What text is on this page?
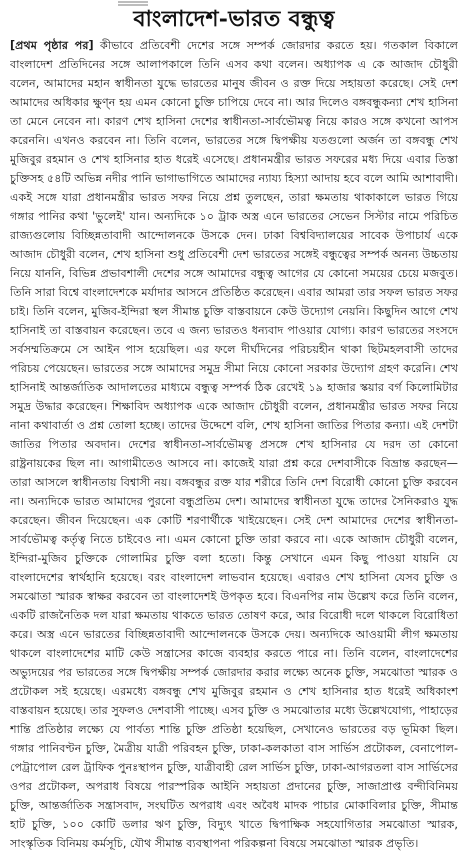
বাংলাদেশ-ভারত বন্ধুত্ব

[প্রথম পৃষ্ঠার পর] কীভাবে প্রতিবেশী দেশের সঙ্গে সম্পর্ক জোরদার করতে হয়। গতকাল বিকালে বাংলাদেশ প্রতিদিনের সঙ্গে আলাপকালে তিনি এসব কথা বলেন। অধ্যাপক এ কে আজাদ চৌধুরী বলেন, আমাদের মহান স্বাধীনতা যুদ্ধে ভারতের মানুষ জীবন ও রক্ত দিয়ে সহায়তা করেছে। সেই দেশ আমাদের অধিকার ক্ষুণ্ন হয় এমন কোনো চুক্তি চাপিয়ে দেবে না। আর দিলেও বঙ্গবন্ধুকন্যা শেখ হাসিনা তা মেনে নেবেন না। কারণ শেখ হাসিনা দেশের স্বাধীনতা-সার্বভৌমত্ব নিয়ে কারও সঙ্গে কখনো আপস করেননি। এখনও করবেন না। তিনি বলেন, ভারতের সঙ্গে দ্বিপক্ষীয় যতগুলো অর্জন তা বঙ্গবন্ধু শেখ মুজিবুর রহমান ও শেখ হাসিনার হাত ধরেই এসেছে। প্রধানমন্ত্রীর ভারত সফরের মধ্য দিয়ে এবার তিস্তা চুক্তিসহ ৫৪টি অভিন্ন নদীর পানি ভাগাভাগিতে আমাদের ন্যায্য হিস্যা আদায় হবে বলে আমি আশাবাদী। একই সঙ্গে যারা প্রধানমন্ত্রীর ভারত সফর নিয়ে প্রশ্ন তুলছেন, তারা ক্ষমতায় থাকাকালে ভারত গিয়ে গঙ্গার পানির কথা 'ভুলেই' যান। অন্যদিকে ১০ ট্রাক অস্ত্র এনে ভারতের সেভেন সিস্টার নামে পরিচিত রাজ্যগুলোয় বিচ্ছিন্নতাবাদী আন্দোলনকে উসকে দেন। ঢাকা বিশ্ববিদ্যালয়ের সাবেক উপাচার্য একে আজাদ চৌধুরী বলেন, শেখ হাসিনা শুধু প্রতিবেশী দেশ ভারতের সঙ্গেই বন্ধুত্বের সম্পর্ক অনন্য উচ্চতায় নিয়ে যাননি, বিভিন্ন প্রভাবশালী দেশের সঙ্গে আমাদের বন্ধুত্ব আগের যে কোনো সময়ের চেয়ে মজবুত। তিনি সারা বিশ্বে বাংলাদেশকে মর্যাদার আসনে প্রতিষ্ঠিত করেছেন। এবার আমরা তার সফল ভারত সফর চাই। তিনি বলেন, মুজিব-ইন্দিরা স্থল সীমান্ত চুক্তি বাস্তবায়নে কেউ উদ্যোগ নেয়নি। কিছুদিন আগে শেখ হাসিনাই তা বাস্তবায়ন করেছেন। তবে এ জন্য ভারতও ধন্যবাদ পাওয়ার যোগ্য। কারণ ভারতের সংসদে সর্বসম্মতিক্রমে সে আইন পাস হয়েছিল। এর ফলে দীর্ঘদিনের পরিচয়হীন থাকা ছিটমহলবাসী তাদের পরিচয় পেয়েছেন। ভারতের সঙ্গে আমাদের সমুদ্র সীমা নিয়ে কোনো সরকার উদ্যোগ গ্রহণ করেনি। শেখ হাসিনাই আন্তর্জাতিক আদালতের মাধ্যমে বন্ধুত্ব সম্পর্ক ঠিক রেখেই ১৯ হাজার স্কয়ার বর্গ কিলোমিটার সমুদ্র উদ্ধার করেছেন। শিক্ষাবিদ অধ্যাপক একে আজাদ চৌধুরী বলেন, প্রধানমন্ত্রীর ভারত সফর নিয়ে নানা কথাবার্তা ও প্রশ্ন তোলা হচ্ছে। তাদের উদ্দেশে বলি, শেখ হাসিনা জাতির পিতার কন্যা। এই দেশটা জাতির পিতার অবদান। দেশের স্বাধীনতা-সার্বভৌমত্ব প্রসঙ্গে শেখ হাসিনার যে দরদ তা কোনো রাষ্ট্রনায়কের ছিল না। আগামীতেও আসবে না। কাজেই যারা প্রশ্ন করে দেশবাসীকে বিভ্রান্ত করছেন—তারা আসলে স্বাধীনতায় বিশ্বাসী নয়। বঙ্গবন্ধুর রক্ত যার শরীরে তিনি দেশ বিরোধী কোনো চুক্তি করবেন না। অন্যদিকে ভারত আমাদের পুরনো বন্ধুপ্রতিম দেশ। আমাদের স্বাধীনতা যুদ্ধে তাদের সৈনিকরাও যুদ্ধ করেছেন। জীবন দিয়েছেন। এক কোটি শরণার্থীকে খাইয়েছেন। সেই দেশ আমাদের দেশের স্বাধীনতা-সার্বভৌমত্ব কর্তৃত্ব নিতে চাইবেও না। এমন কোনো চুক্তি তারা করবে না। একে আজাদ চৌধুরী বলেন, ইন্দিরা-মুজিব চুক্তিকে গোলামির চুক্তি বলা হতো। কিন্তু সেখানে এমন কিছু পাওয়া যায়নি যে বাংলাদেশের স্বার্থহানি হয়েছে। বরং বাংলাদেশ লাভবান হয়েছে। এবারও শেখ হাসিনা যেসব চুক্তি ও সমঝোতা স্মারক স্বাক্ষর করবেন তা বাংলাদেশই উপকৃত হবে। বিএনপির নাম উল্লেখ করে তিনি বলেন, একটি রাজনৈতিক দল যারা ক্ষমতায় থাকতে ভারত তোষণ করে, আর বিরোধী দলে থাকলে বিরোধিতা করে। অস্ত্র এনে ভারতের বিচ্ছিন্নতাবাদী আন্দোলনকে উসকে দেয়। অন্যদিকে আওয়ামী লীগ ক্ষমতায় থাকলে বাংলাদেশের মাটি কেউ সন্ত্রাসের কাজে ব্যবহার করতে পারে না। তিনি বলেন, বাংলাদেশের অভ্যুদয়ের পর ভারতের সঙ্গে দ্বিপক্ষীয় সম্পর্ক জোরদার করার লক্ষ্যে অনেক চুক্তি, সমঝোতা স্মারক ও প্রটোকল সই হয়েছে। এরমধ্যে বঙ্গবন্ধু শেখ মুজিবুর রহমান ও শেখ হাসিনার হাত ধরেই অধিকাংশ বাস্তবায়ন হয়েছে। তার সুফলও দেশবাসী পাচ্ছে। এসব চুক্তি ও সমঝোতার মধ্যে উল্লেখযোগ্য, পাহাড়ের শান্তি প্রতিষ্ঠার লক্ষ্যে যে পার্বত্য শান্তি চুক্তি প্রতিষ্ঠা হয়েছিল, সেখানেও ভারতের বড় ভূমিকা ছিল। গঙ্গার পানিবণ্টন চুক্তি, মৈত্রীয় যাত্রী পরিবহন চুক্তি, ঢাকা-কলকাতা বাস সার্ভিস প্রটোকল, বেনাপোল-পেট্রাপোল রেল ট্রাফিক পুনঃস্থাপন চুক্তি, যাত্রীবাহী রেল সার্ভিস চুক্তি, ঢাকা-আগরতলা বাস সার্ভিসের ওপর প্রটোকল, অপরাধ বিষয়ে পারস্পরিক আইনি সহায়তা প্রদানের চুক্তি, সাজাপ্রাপ্ত বন্দীবিনিময় চুক্তি, আন্তর্জাতিক সন্ত্রাসবাদ, সংঘটিত অপরাধ এবং অবৈধ মাদক পাচার মোকাবিলার চুক্তি, সীমান্ত হাট চুক্তি, ১০০ কোটি ডলার ঋণ চুক্তি, বিদ্যুৎ খাতে দ্বিপাক্ষিক সহযোগিতার সমঝোতা স্মারক, সাংস্কৃতিক বিনিময় কর্মসূচি, যৌথ সীমান্ত ব্যবস্থাপনা পরিকল্পনা বিষয়ে সমঝোতা স্মারক প্রভৃতি।
